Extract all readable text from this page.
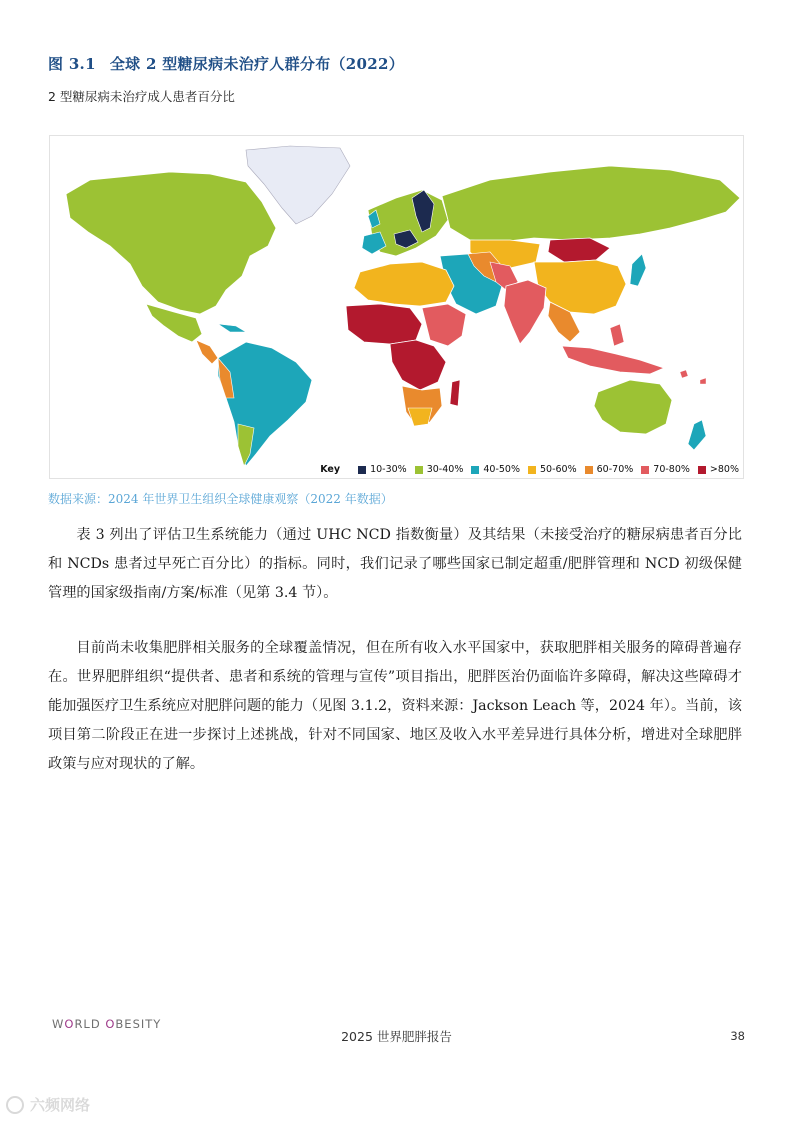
图 3.1 全球 2 型糖尿病未治疗人群分布（2022）
2 型糖尿病未治疗成人患者百分比
Key	10-30% 30-40% 40-50% 50-60% 60-70% 70-80% >80%
数据来源：2024 年世界卫生组织全球健康观察（2022 年数据）

表 3 列出了评估卫生系统能力（通过 UHC NCD 指数衡量）及其结果（未接受治疗的糖尿病患者百分比和 NCDs 患者过早死亡百分比）的指标。同时，我们记录了哪些国家已制定超重/肥胖管理和 NCD 初级保健管理的国家级指南/方案/标准（见第 3.4 节）。

目前尚未收集肥胖相关服务的全球覆盖情况，但在所有收入水平国家中，获取肥胖相关服务的障碍普遍存在。世界肥胖组织“提供者、患者和系统的管理与宣传”项目指出，肥胖医治仍面临许多障碍，解决这些障碍才能加强医疗卫生系统应对肥胖问题的能力（见图 3.1.2，资料来源：Jackson Leach 等，2024 年）。当前，该项目第二阶段正在进一步探讨上述挑战，针对不同国家、地区及收入水平差异进行具体分析，增进对全球肥胖政策与应对现状的了解。

WORLD OBESITY
2025 世界肥胖报告	38
六频网络
